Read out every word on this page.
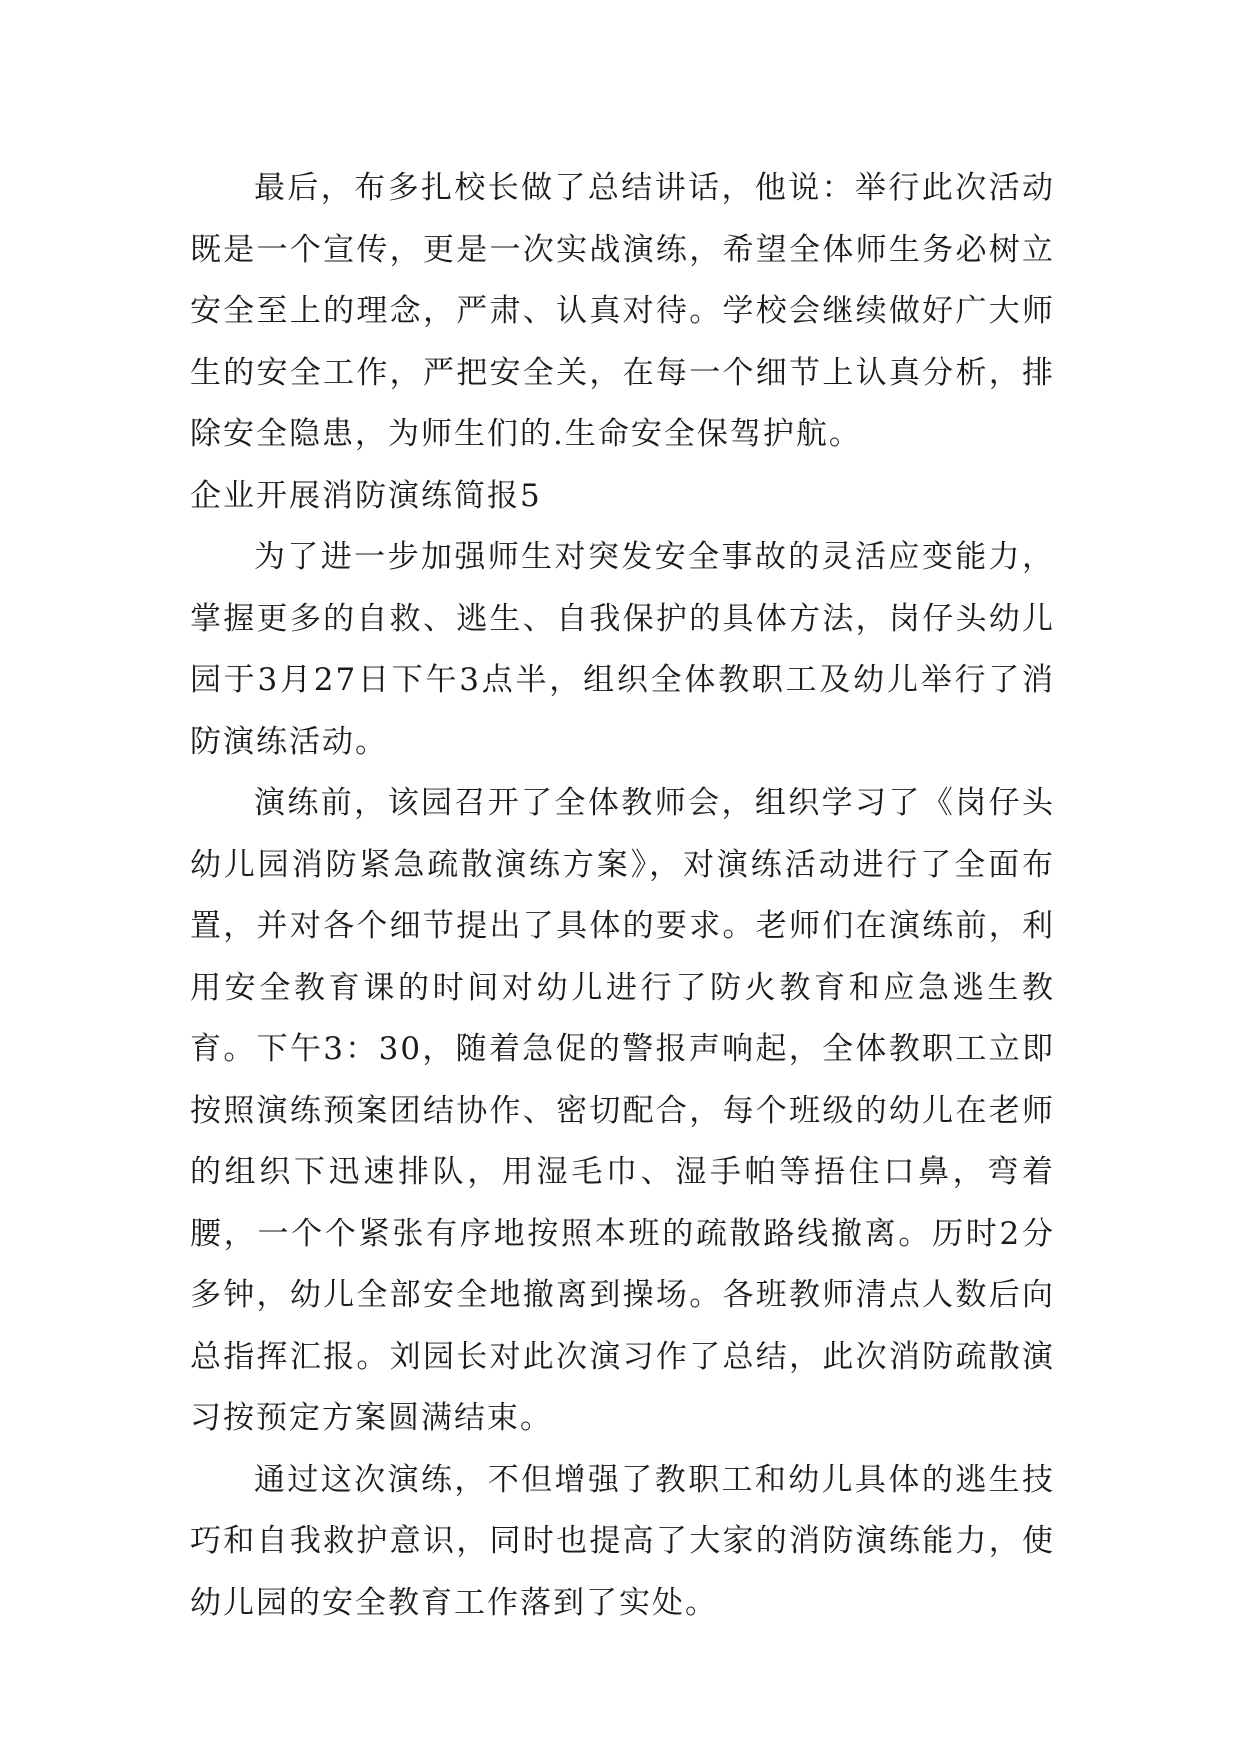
最后，布多扎校长做了总结讲话，他说：举行此次活动既是一个宣传，更是一次实战演练，希望全体师生务必树立安全至上的理念，严肃、认真对待。学校会继续做好广大师生的安全工作，严把安全关，在每一个细节上认真分析，排除安全隐患，为师生们的.生命安全保驾护航。

企业开展消防演练简报5

为了进一步加强师生对突发安全事故的灵活应变能力，掌握更多的自救、逃生、自我保护的具体方法，岗仔头幼儿园于3月27日下午3点半，组织全体教职工及幼儿举行了消防演练活动。

演练前，该园召开了全体教师会，组织学习了《岗仔头幼儿园消防紧急疏散演练方案》，对演练活动进行了全面布置，并对各个细节提出了具体的要求。老师们在演练前，利用安全教育课的时间对幼儿进行了防火教育和应急逃生教育。下午3：30，随着急促的警报声响起，全体教职工立即按照演练预案团结协作、密切配合，每个班级的幼儿在老师的组织下迅速排队，用湿毛巾、湿手帕等捂住口鼻，弯着腰，一个个紧张有序地按照本班的疏散路线撤离。历时2分多钟，幼儿全部安全地撤离到操场。各班教师清点人数后向总指挥汇报。刘园长对此次演习作了总结，此次消防疏散演习按预定方案圆满结束。

通过这次演练，不但增强了教职工和幼儿具体的逃生技巧和自我救护意识，同时也提高了大家的消防演练能力，使幼儿园的安全教育工作落到了实处。
